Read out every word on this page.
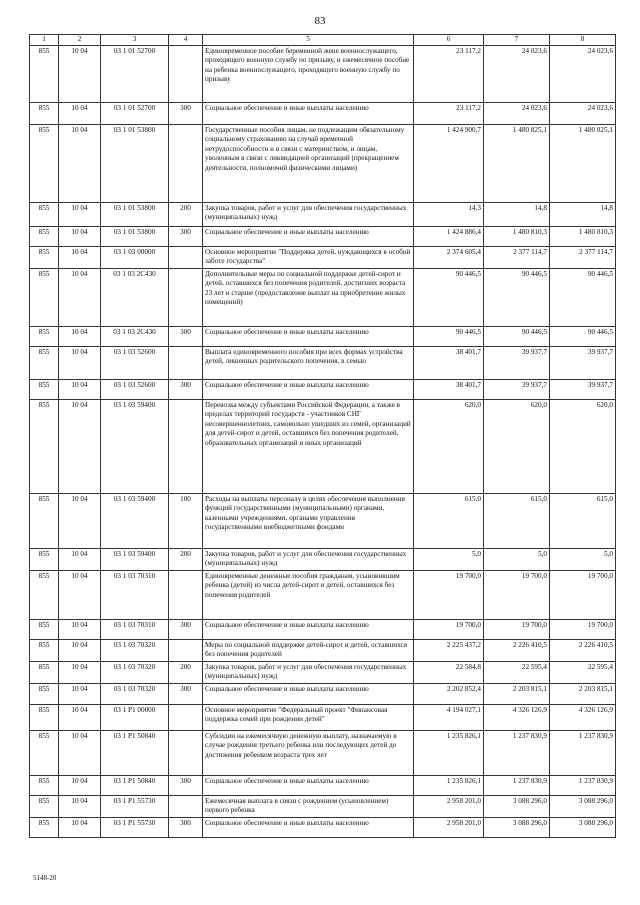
83
1	2	3	4	5	6	7	8
855	10 04	03 1 01 52700		Единовременное пособие беременной жене военнослужащего, проходящего военную службу по призыву, и ежемесячное пособие на ребенка военнослужащего, проходящего военную службу по призыву	23 117,2	24 023,6	24 023,6
855	10 04	03 1 01 52700	300	Социальное обеспечение и иные выплаты населению	23 117,2	24 023,6	24 023,6
855	10 04	03 1 01 53800		Государственные пособия лицам, не подлежащим обязательному социальному страхованию на случай временной нетрудоспособности и в связи с материнством, и лицам, уволенным в связи с ликвидацией организаций (прекращением деятельности, полномочий физическими лицами)	1 424 900,7	1 480 825,1	1 480 825,1
855	10 04	03 1 01 53800	200	Закупка товаров, работ и услуг для обеспечения государственных (муниципальных) нужд	14,3	14,8	14,8
855	10 04	03 1 01 53800	300	Социальное обеспечение и иные выплаты населению	1 424 886,4	1 480 810,3	1 480 810,3
855	10 04	03 1 03 00000		Основное мероприятие "Поддержка детей, нуждающихся в особой заботе государства"	2 374 605,4	2 377 114,7	2 377 114,7
855	10 04	03 1 03 2С430		Дополнительные меры по социальной поддержке детей-сирот и детей, оставшихся без попечения родителей, достигших возраста 23 лет и старше (предоставление выплат на приобретение жилых помещений)	90 446,5	90 446,5	90 446,5
855	10 04	03 1 03 2С430	300	Социальное обеспечение и иные выплаты населению	90 446,5	90 446,5	90 446,5
855	10 04	03 1 03 52600		Выплата единовременного пособия при всех формах устройства детей, лишенных родительского попечения, в семью	38 401,7	39 937,7	39 937,7
855	10 04	03 1 03 52600	300	Социальное обеспечение и иные выплаты населению	38 401,7	39 937,7	39 937,7
855	10 04	03 1 03 59400		Перевозка между субъектами Российской Федерации, а также в пределах территорий государств - участников СНГ несовершеннолетних, самовольно ушедших из семей, организаций для детей-сирот и детей, оставшихся без попечения родителей, образовательных организаций и иных организаций	620,0	620,0	620,0
855	10 04	03 1 03 59400	100	Расходы на выплаты персоналу в целях обеспечения выполнения функций государственными (муниципальными) органами, казенными учреждениями, органами управления государственными внебюджетными фондами	615,0	615,0	615,0
855	10 04	03 1 03 59400	200	Закупка товаров, работ и услуг для обеспечения государственных (муниципальных) нужд	5,0	5,0	5,0
855	10 04	03 1 03 70310		Единовременные денежные пособия гражданам, усыновившим ребенка (детей) из числа детей-сирот и детей, оставшихся без попечения родителей	19 700,0	19 700,0	19 700,0
855	10 04	03 1 03 70310	300	Социальное обеспечение и иные выплаты населению	19 700,0	19 700,0	19 700,0
855	10 04	03 1 03 70320		Меры по социальной поддержке детей-сирот и детей, оставшихся без попечения родителей	2 225 437,2	2 226 410,5	2 226 410,5
855	10 04	03 1 03 70320	200	Закупка товаров, работ и услуг для обеспечения государственных (муниципальных) нужд	22 584,8	22 595,4	22 595,4
855	10 04	03 1 03 70320	300	Социальное обеспечение и иные выплаты населению	2 202 852,4	2 203 815,1	2 203 815,1
855	10 04	03 1 Р1 00000		Основное мероприятие "Федеральный проект "Финансовая поддержка семей при рождении детей"	4 194 027,1	4 326 126,9	4 326 126,9
855	10 04	03 1 Р1 50840		Субсидии на ежемесячную денежную выплату, назначаемую в случае рождения третьего ребенка или последующих детей до достижения ребенком возраста трех лет	1 235 826,1	1 237 830,9	1 237 830,9
855	10 04	03 1 Р1 50840	300	Социальное обеспечение и иные выплаты населению	1 235 826,1	1 237 830,9	1 237 830,9
855	10 04	03 1 Р1 55730		Ежемесячная выплата в связи с рождением (усыновлением) первого ребенка	2 958 201,0	3 088 296,0	3 088 296,0
855	10 04	03 1 Р1 55730	300	Социальное обеспечение и иные выплаты населению	2 958 201,0	3 088 296,0	3 088 296,0
5148-20
